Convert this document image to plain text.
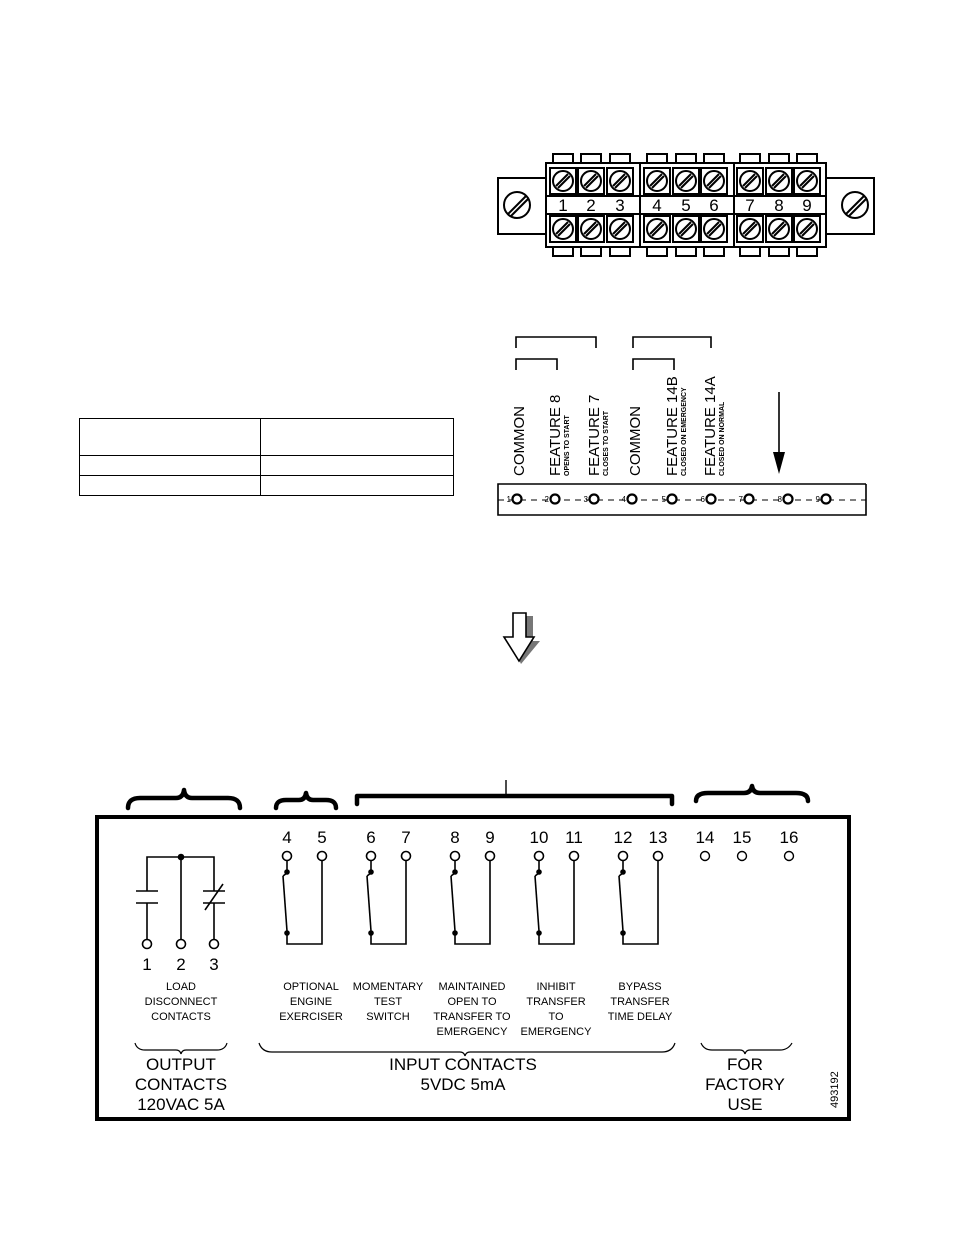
1 2 3 4 5 6 7 8 9
COMMON FEATURE 8 OPENS TO START FEATURE 7 CLOSES TO START COMMON FEATURE 14B CLOSED ON EMERGENCY FEATURE 14A CLOSED ON NORMAL
1	2	3	4	5	6	7	8	9
1 2 3
LOAD
DISCONNECT
CONTACTS
4 5 6 7 8 9 10 11 12 13
OPTIONAL
ENGINE
EXERCISER
MOMENTARY
TEST
SWITCH
MAINTAINED
OPEN TO
TRANSFER TO
EMERGENCY
INHIBIT
TRANSFER
TO
EMERGENCY
BYPASS
TRANSFER
TIME DELAY
14 15 16
OUTPUT
CONTACTS
120VAC 5A
INPUT CONTACTS
5VDC 5mA
FOR
FACTORY
USE	493192
